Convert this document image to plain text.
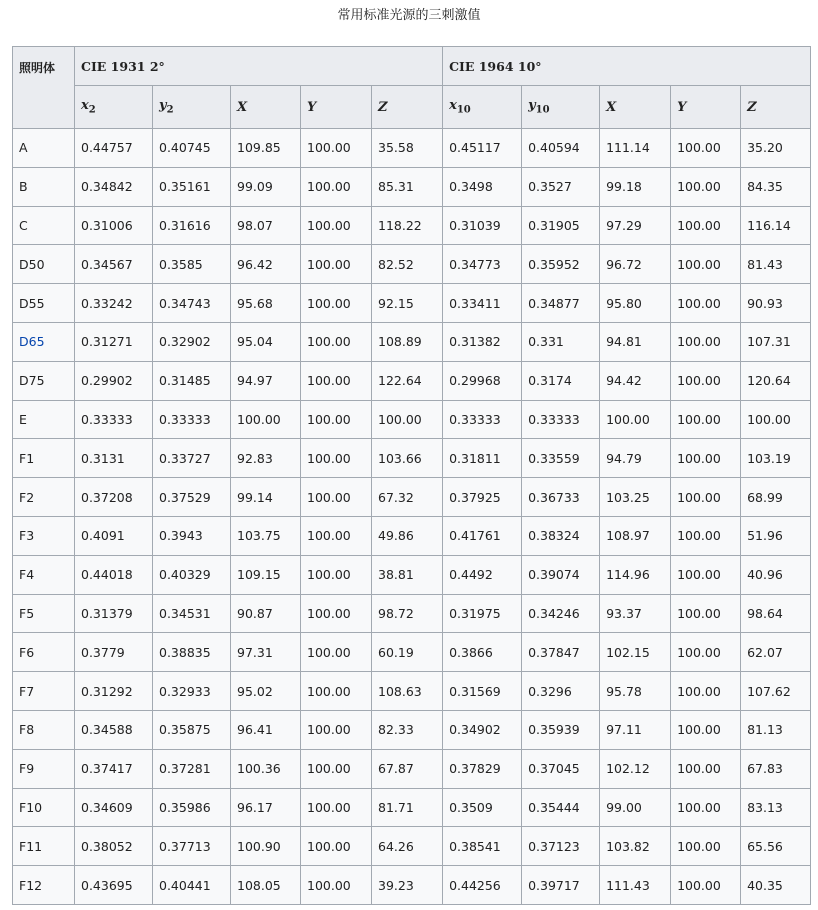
常用标准光源的三刺激值
照明体	CIE 1931 2°					CIE 1964 10°				
	$x_2$	$y_2$	X	Y	Z	$x_{10}$	$y_{10}$	X	Y	Z
A	0.44757	0.40745	109.85	100.00	35.58	0.45117	0.40594	111.14	100.00	35.20
B	0.34842	0.35161	99.09	100.00	85.31	0.3498	0.3527	99.18	100.00	84.35
C	0.31006	0.31616	98.07	100.00	118.22	0.31039	0.31905	97.29	100.00	116.14
D50	0.34567	0.3585	96.42	100.00	82.52	0.34773	0.35952	96.72	100.00	81.43
D55	0.33242	0.34743	95.68	100.00	92.15	0.33411	0.34877	95.80	100.00	90.93
D65	0.31271	0.32902	95.04	100.00	108.89	0.31382	0.331	94.81	100.00	107.31
D75	0.29902	0.31485	94.97	100.00	122.64	0.29968	0.3174	94.42	100.00	120.64
E	0.33333	0.33333	100.00	100.00	100.00	0.33333	0.33333	100.00	100.00	100.00
F1	0.3131	0.33727	92.83	100.00	103.66	0.31811	0.33559	94.79	100.00	103.19
F2	0.37208	0.37529	99.14	100.00	67.32	0.37925	0.36733	103.25	100.00	68.99
F3	0.4091	0.3943	103.75	100.00	49.86	0.41761	0.38324	108.97	100.00	51.96
F4	0.44018	0.40329	109.15	100.00	38.81	0.4492	0.39074	114.96	100.00	40.96
F5	0.31379	0.34531	90.87	100.00	98.72	0.31975	0.34246	93.37	100.00	98.64
F6	0.3779	0.38835	97.31	100.00	60.19	0.3866	0.37847	102.15	100.00	62.07
F7	0.31292	0.32933	95.02	100.00	108.63	0.31569	0.3296	95.78	100.00	107.62
F8	0.34588	0.35875	96.41	100.00	82.33	0.34902	0.35939	97.11	100.00	81.13
F9	0.37417	0.37281	100.36	100.00	67.87	0.37829	0.37045	102.12	100.00	67.83
F10	0.34609	0.35986	96.17	100.00	81.71	0.3509	0.35444	99.00	100.00	83.13
F11	0.38052	0.37713	100.90	100.00	64.26	0.38541	0.37123	103.82	100.00	65.56
F12	0.43695	0.40441	108.05	100.00	39.23	0.44256	0.39717	111.43	100.00	40.35
